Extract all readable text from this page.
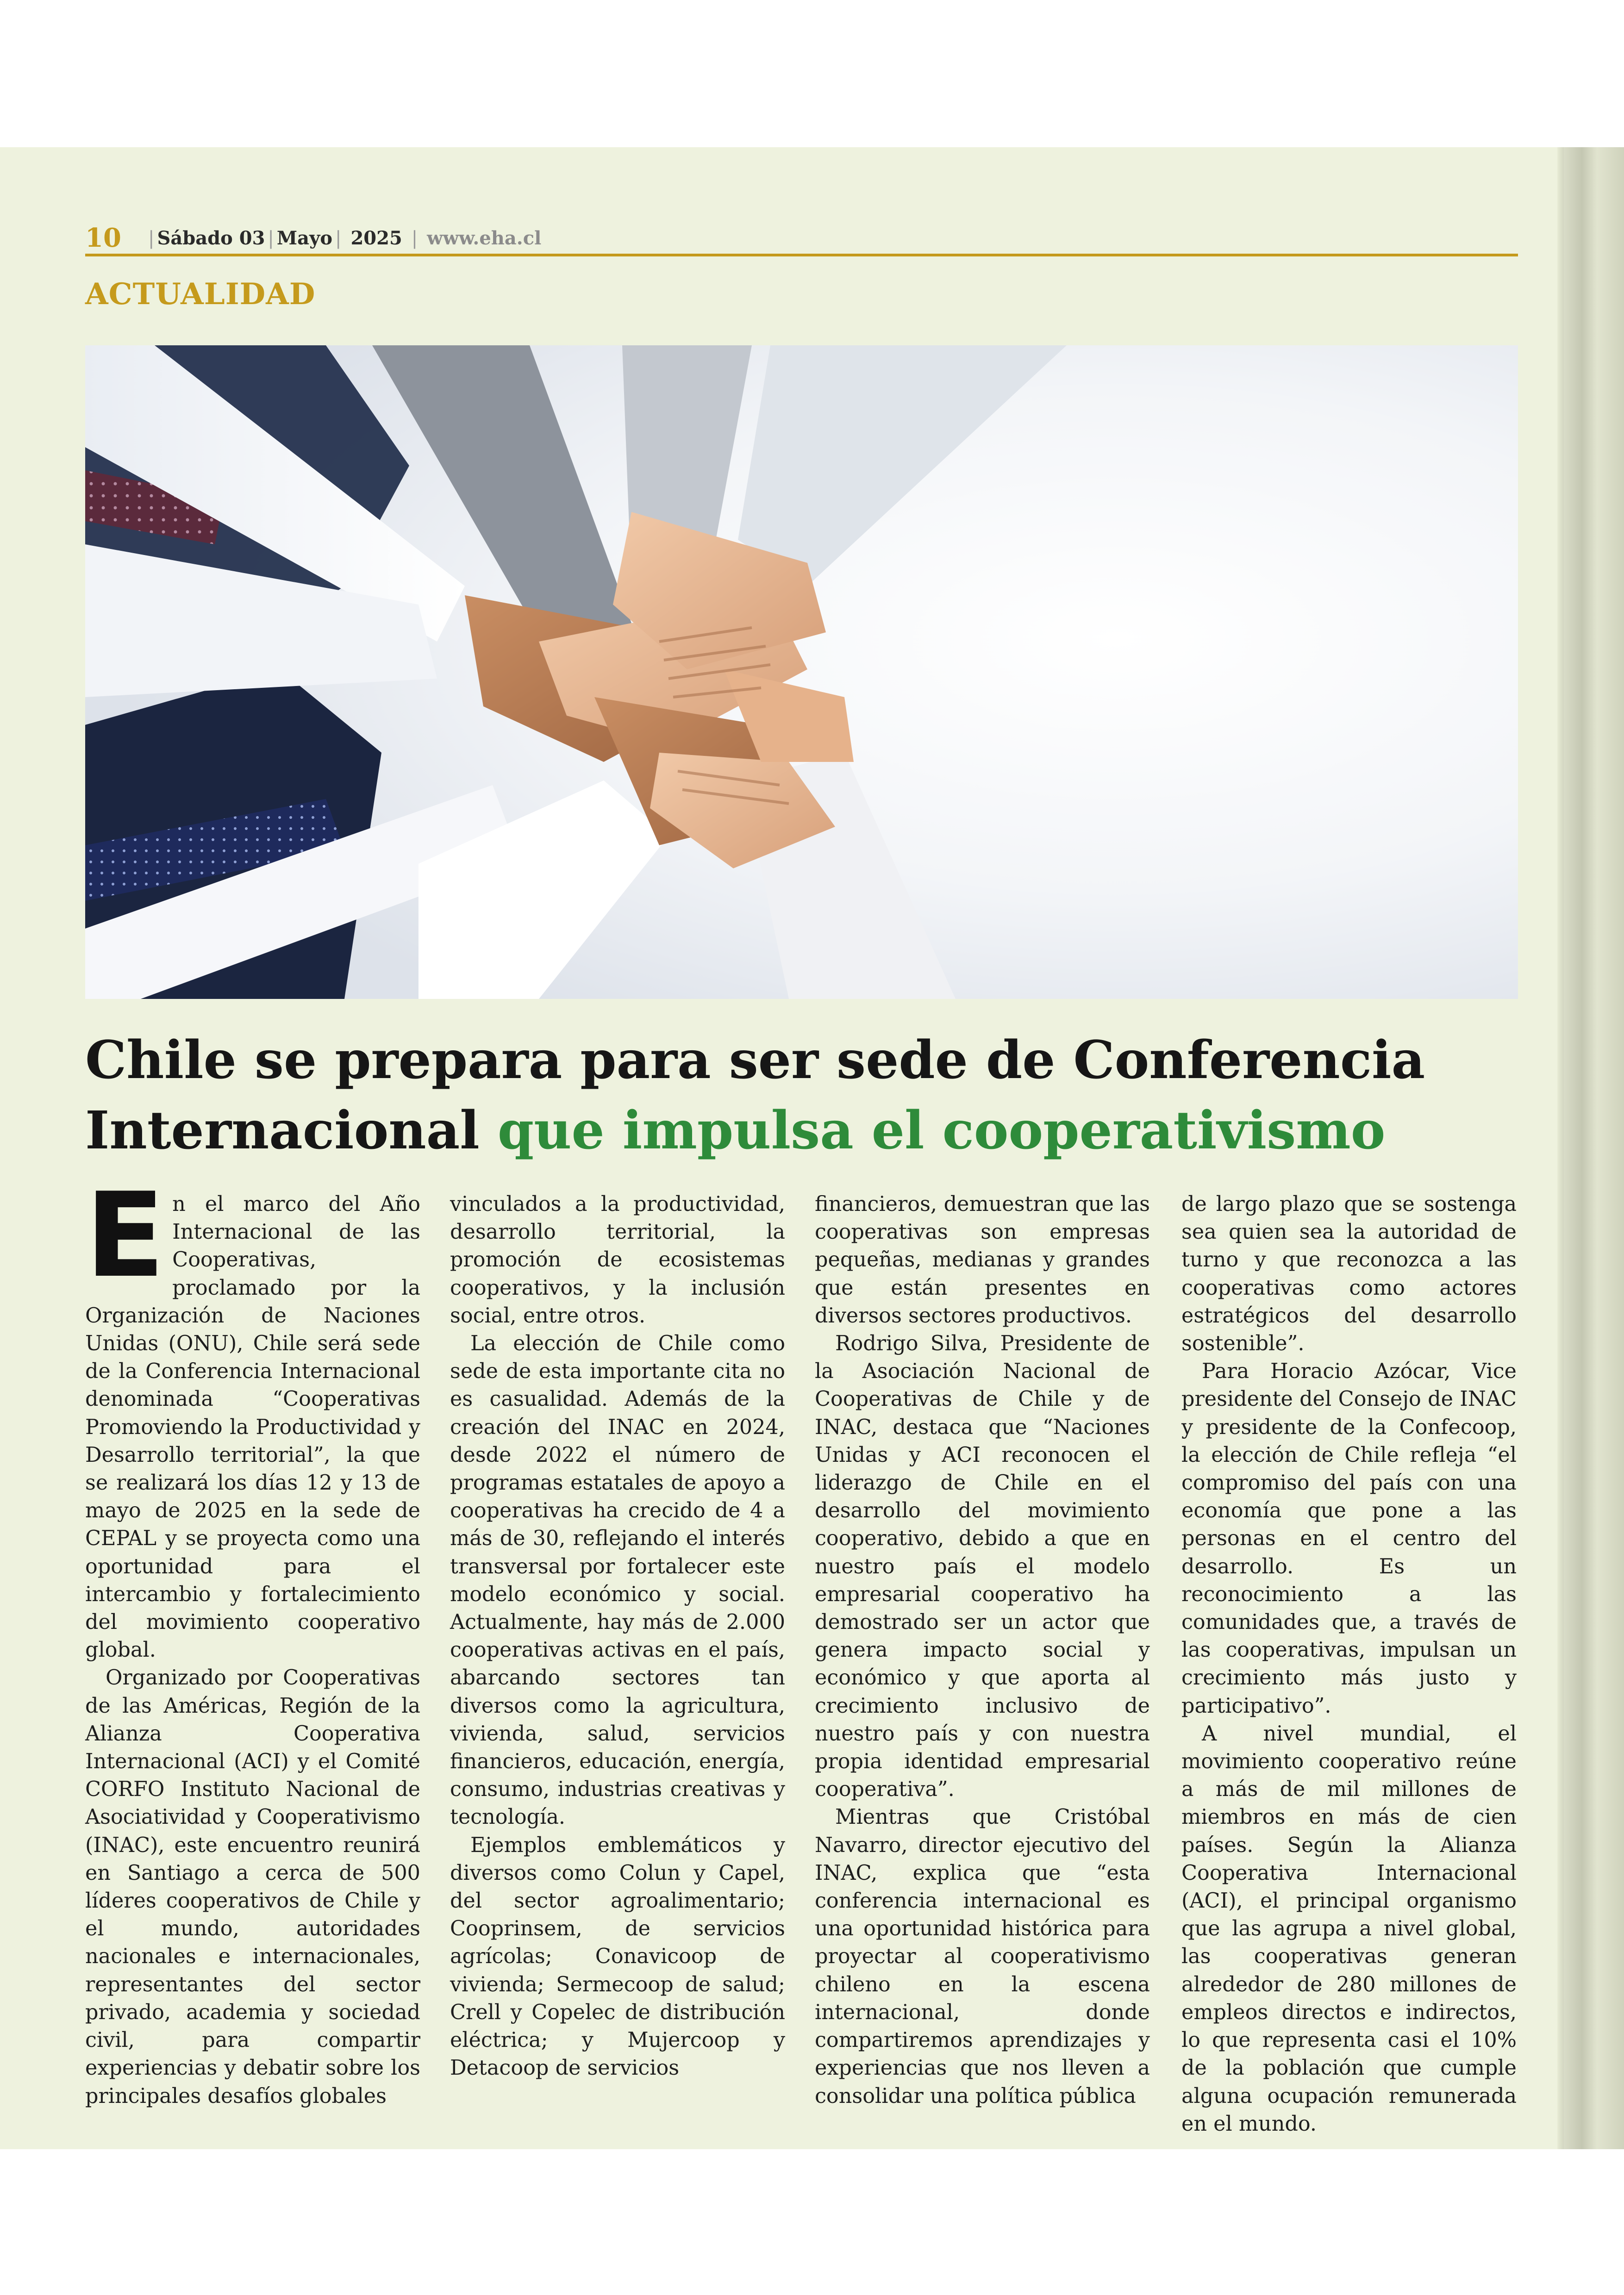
10 | Sábado 03 | Mayo | 2025 | www.eha.cl
ACTUALIDAD
Chile se prepara para ser sede de Conferencia Internacional que impulsa el cooperativismo

En el marco del Año Internacional de las Cooperativas, proclamado por la Organización de Naciones Unidas (ONU), Chile será sede de la Conferencia Internacional denominada “Cooperativas Promoviendo la Productividad y Desarrollo territorial”, la que se realizará los días 12 y 13 de mayo de 2025 en la sede de CEPAL y se proyecta como una oportunidad para el intercambio y fortalecimiento del movimiento cooperativo global.

Organizado por Cooperativas de las Américas, Región de la Alianza Cooperativa Internacional (ACI) y el Comité CORFO Instituto Nacional de Asociatividad y Cooperativismo (INAC), este encuentro reunirá en Santiago a cerca de 500 líderes cooperativos de Chile y el mundo, autoridades nacionales e internacionales, representantes del sector privado, academia y sociedad civil, para compartir experiencias y debatir sobre los principales desafíos globales

vinculados a la productividad, desarrollo territorial, la promoción de ecosistemas cooperativos, y la inclusión social, entre otros.

La elección de Chile como sede de esta importante cita no es casualidad. Además de la creación del INAC en 2024, desde 2022 el número de programas estatales de apoyo a cooperativas ha crecido de 4 a más de 30, reflejando el interés transversal por fortalecer este modelo económico y social. Actualmente, hay más de 2.000 cooperativas activas en el país, abarcando sectores tan diversos como la agricultura, vivienda, salud, servicios financieros, educación, energía, consumo, industrias creativas y tecnología.

Ejemplos emblemáticos y diversos como Colun y Capel, del sector agroalimentario; Cooprinsem, de servicios agrícolas; Conavicoop de vivienda; Sermecoop de salud; Crell y Copelec de distribución eléctrica; y Mujercoop y Detacoop de servicios

financieros, demuestran que las cooperativas son empresas pequeñas, medianas y grandes que están presentes en diversos sectores productivos.

Rodrigo Silva, Presidente de la Asociación Nacional de Cooperativas de Chile y de INAC, destaca que “Naciones Unidas y ACI reconocen el liderazgo de Chile en el desarrollo del movimiento cooperativo, debido a que en nuestro país el modelo empresarial cooperativo ha demostrado ser un actor que genera impacto social y económico y que aporta al crecimiento inclusivo de nuestro país y con nuestra propia identidad empresarial cooperativa”.

Mientras que Cristóbal Navarro, director ejecutivo del INAC, explica que “esta conferencia internacional es una oportunidad histórica para proyectar al cooperativismo chileno en la escena internacional, donde compartiremos aprendizajes y experiencias que nos lleven a consolidar una política pública

de largo plazo que se sostenga sea quien sea la autoridad de turno y que reconozca a las cooperativas como actores estratégicos del desarrollo sostenible”.

Para Horacio Azócar, Vice presidente del Consejo de INAC y presidente de la Confecoop, la elección de Chile refleja “el compromiso del país con una economía que pone a las personas en el centro del desarrollo. Es un reconocimiento a las comunidades que, a través de las cooperativas, impulsan un crecimiento más justo y participativo”.

A nivel mundial, el movimiento cooperativo reúne a más de mil millones de miembros en más de cien países. Según la Alianza Cooperativa Internacional (ACI), el principal organismo que las agrupa a nivel global, las cooperativas generan alrededor de 280 millones de empleos directos e indirectos, lo que representa casi el 10% de la población que cumple alguna ocupación remunerada en el mundo.
